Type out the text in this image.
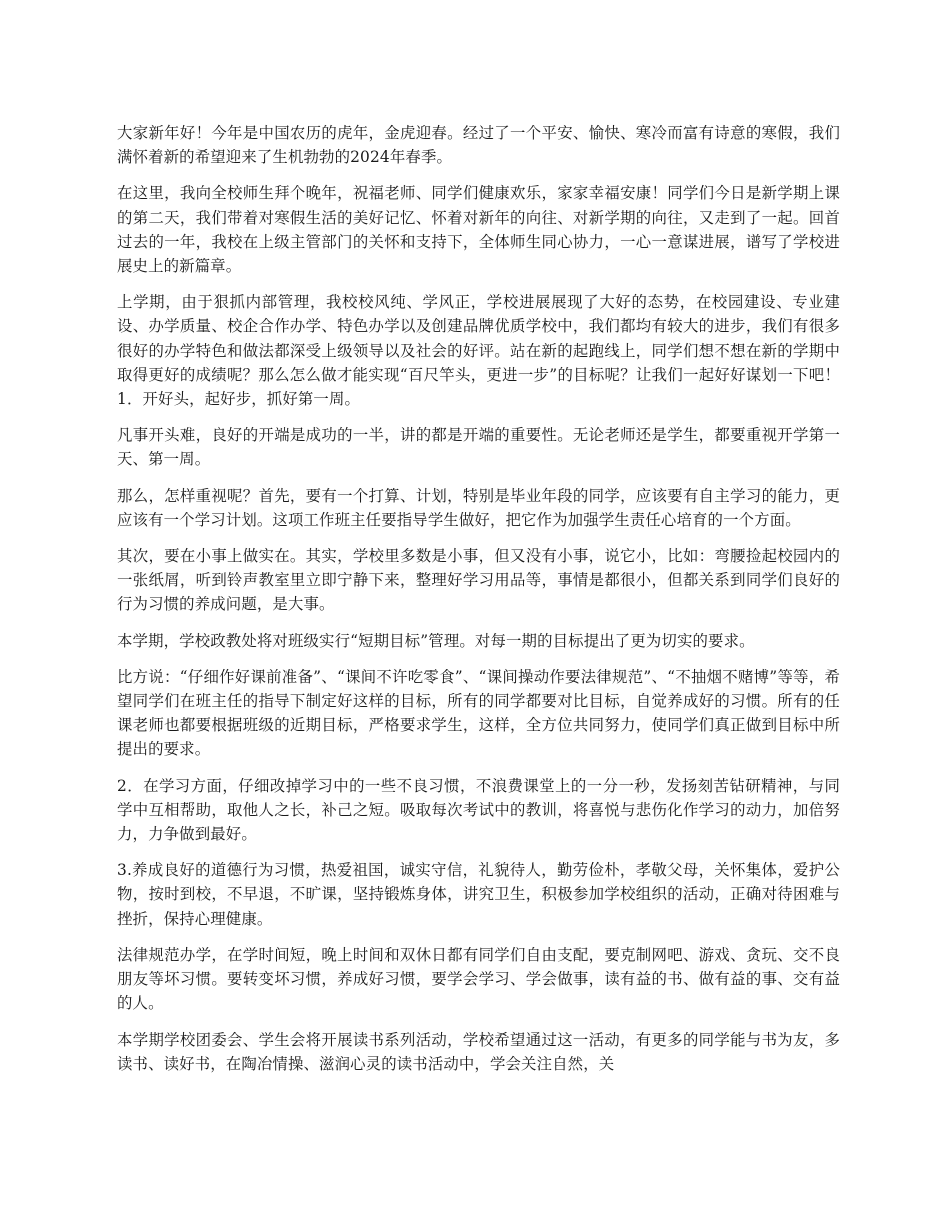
大家新年好！今年是中国农历的虎年，金虎迎春。经过了一个平安、愉快、寒冷而富有诗意的寒假，我们满怀着新的希望迎来了生机勃勃的2024年春季。

在这里，我向全校师生拜个晚年，祝福老师、同学们健康欢乐，家家幸福安康！同学们今日是新学期上课的第二天，我们带着对寒假生活的美好记忆、怀着对新年的向往、对新学期的向往，又走到了一起。回首过去的一年，我校在上级主管部门的关怀和支持下，全体师生同心协力，一心一意谋进展，谱写了学校进展史上的新篇章。

上学期，由于狠抓内部管理，我校校风纯、学风正，学校进展展现了大好的态势，在校园建设、专业建设、办学质量、校企合作办学、特色办学以及创建品牌优质学校中，我们都均有较大的进步，我们有很多很好的办学特色和做法都深受上级领导以及社会的好评。站在新的起跑线上，同学们想不想在新的学期中取得更好的成绩呢？那么怎么做才能实现“百尺竿头，更进一步”的目标呢？让我们一起好好谋划一下吧！1．开好头，起好步，抓好第一周。

凡事开头难，良好的开端是成功的一半，讲的都是开端的重要性。无论老师还是学生，都要重视开学第一天、第一周。

那么，怎样重视呢？首先，要有一个打算、计划，特别是毕业年段的同学，应该要有自主学习的能力，更应该有一个学习计划。这项工作班主任要指导学生做好，把它作为加强学生责任心培育的一个方面。

其次，要在小事上做实在。其实，学校里多数是小事，但又没有小事，说它小，比如：弯腰捡起校园内的一张纸屑，听到铃声教室里立即宁静下来，整理好学习用品等，事情是都很小，但都关系到同学们良好的行为习惯的养成问题，是大事。

本学期，学校政教处将对班级实行“短期目标”管理。对每一期的目标提出了更为切实的要求。

比方说：“仔细作好课前准备”、“课间不许吃零食”、“课间操动作要法律规范”、“不抽烟不赌博”等等，希望同学们在班主任的指导下制定好这样的目标，所有的同学都要对比目标，自觉养成好的习惯。所有的任课老师也都要根据班级的近期目标，严格要求学生，这样，全方位共同努力，使同学们真正做到目标中所提出的要求。

2．在学习方面，仔细改掉学习中的一些不良习惯，不浪费课堂上的一分一秒，发扬刻苦钻研精神，与同学中互相帮助，取他人之长，补己之短。吸取每次考试中的教训，将喜悦与悲伤化作学习的动力，加倍努力，力争做到最好。

3.养成良好的道德行为习惯，热爱祖国，诚实守信，礼貌待人，勤劳俭朴，孝敬父母，关怀集体，爱护公物，按时到校，不早退，不旷课，坚持锻炼身体，讲究卫生，积极参加学校组织的活动，正确对待困难与挫折，保持心理健康。

法律规范办学，在学时间短，晚上时间和双休日都有同学们自由支配，要克制网吧、游戏、贪玩、交不良朋友等坏习惯。要转变坏习惯，养成好习惯，要学会学习、学会做事，读有益的书、做有益的事、交有益的人。

本学期学校团委会、学生会将开展读书系列活动，学校希望通过这一活动，有更多的同学能与书为友，多读书、读好书，在陶冶情操、滋润心灵的读书活动中，学会关注自然，关
